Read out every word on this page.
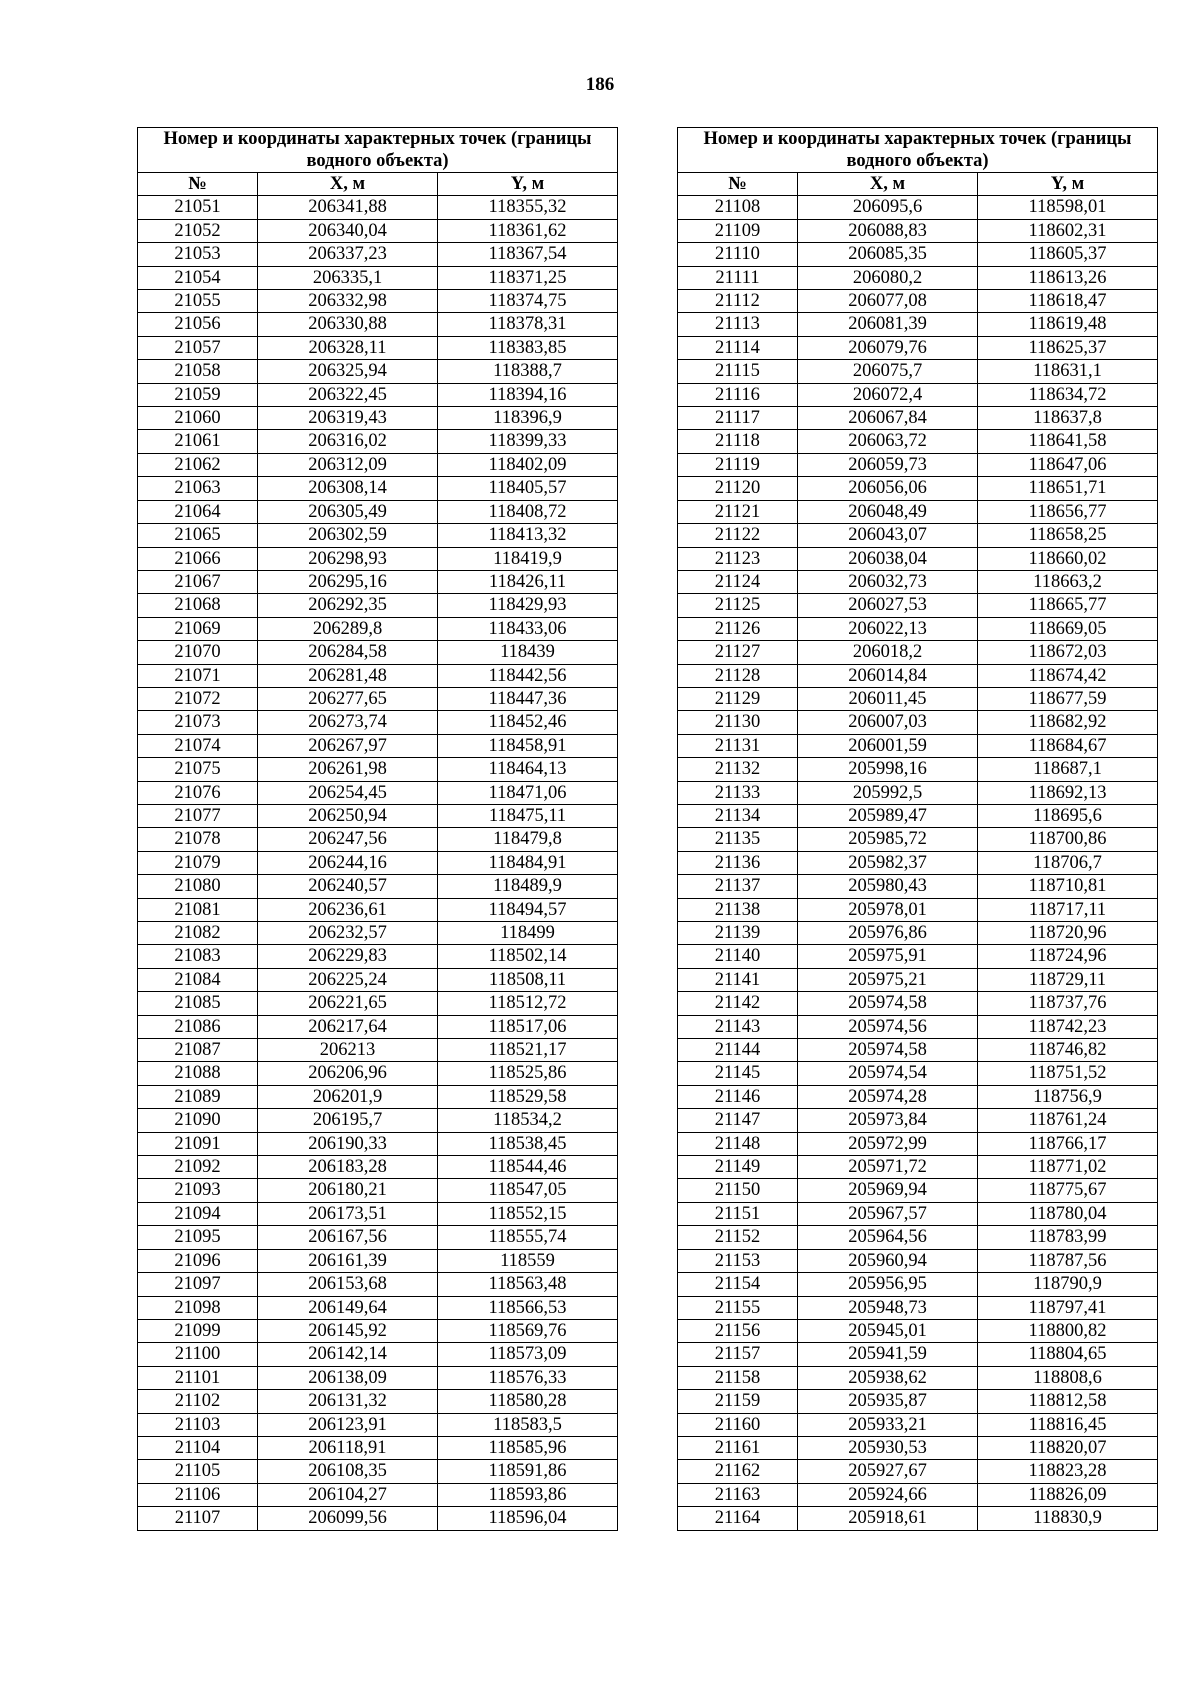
186
Номер и координаты характерных точек (границы водного объекта)		
№	X, м	Y, м
21051	206341,88	118355,32
21052	206340,04	118361,62
21053	206337,23	118367,54
21054	206335,1	118371,25
21055	206332,98	118374,75
21056	206330,88	118378,31
21057	206328,11	118383,85
21058	206325,94	118388,7
21059	206322,45	118394,16
21060	206319,43	118396,9
21061	206316,02	118399,33
21062	206312,09	118402,09
21063	206308,14	118405,57
21064	206305,49	118408,72
21065	206302,59	118413,32
21066	206298,93	118419,9
21067	206295,16	118426,11
21068	206292,35	118429,93
21069	206289,8	118433,06
21070	206284,58	118439
21071	206281,48	118442,56
21072	206277,65	118447,36
21073	206273,74	118452,46
21074	206267,97	118458,91
21075	206261,98	118464,13
21076	206254,45	118471,06
21077	206250,94	118475,11
21078	206247,56	118479,8
21079	206244,16	118484,91
21080	206240,57	118489,9
21081	206236,61	118494,57
21082	206232,57	118499
21083	206229,83	118502,14
21084	206225,24	118508,11
21085	206221,65	118512,72
21086	206217,64	118517,06
21087	206213	118521,17
21088	206206,96	118525,86
21089	206201,9	118529,58
21090	206195,7	118534,2
21091	206190,33	118538,45
21092	206183,28	118544,46
21093	206180,21	118547,05
21094	206173,51	118552,15
21095	206167,56	118555,74
21096	206161,39	118559
21097	206153,68	118563,48
21098	206149,64	118566,53
21099	206145,92	118569,76
21100	206142,14	118573,09
21101	206138,09	118576,33
21102	206131,32	118580,28
21103	206123,91	118583,5
21104	206118,91	118585,96
21105	206108,35	118591,86
21106	206104,27	118593,86
21107	206099,56	118596,04
Номер и координаты характерных точек (границы водного объекта)		
№	X, м	Y, м
21108	206095,6	118598,01
21109	206088,83	118602,31
21110	206085,35	118605,37
21111	206080,2	118613,26
21112	206077,08	118618,47
21113	206081,39	118619,48
21114	206079,76	118625,37
21115	206075,7	118631,1
21116	206072,4	118634,72
21117	206067,84	118637,8
21118	206063,72	118641,58
21119	206059,73	118647,06
21120	206056,06	118651,71
21121	206048,49	118656,77
21122	206043,07	118658,25
21123	206038,04	118660,02
21124	206032,73	118663,2
21125	206027,53	118665,77
21126	206022,13	118669,05
21127	206018,2	118672,03
21128	206014,84	118674,42
21129	206011,45	118677,59
21130	206007,03	118682,92
21131	206001,59	118684,67
21132	205998,16	118687,1
21133	205992,5	118692,13
21134	205989,47	118695,6
21135	205985,72	118700,86
21136	205982,37	118706,7
21137	205980,43	118710,81
21138	205978,01	118717,11
21139	205976,86	118720,96
21140	205975,91	118724,96
21141	205975,21	118729,11
21142	205974,58	118737,76
21143	205974,56	118742,23
21144	205974,58	118746,82
21145	205974,54	118751,52
21146	205974,28	118756,9
21147	205973,84	118761,24
21148	205972,99	118766,17
21149	205971,72	118771,02
21150	205969,94	118775,67
21151	205967,57	118780,04
21152	205964,56	118783,99
21153	205960,94	118787,56
21154	205956,95	118790,9
21155	205948,73	118797,41
21156	205945,01	118800,82
21157	205941,59	118804,65
21158	205938,62	118808,6
21159	205935,87	118812,58
21160	205933,21	118816,45
21161	205930,53	118820,07
21162	205927,67	118823,28
21163	205924,66	118826,09
21164	205918,61	118830,9
